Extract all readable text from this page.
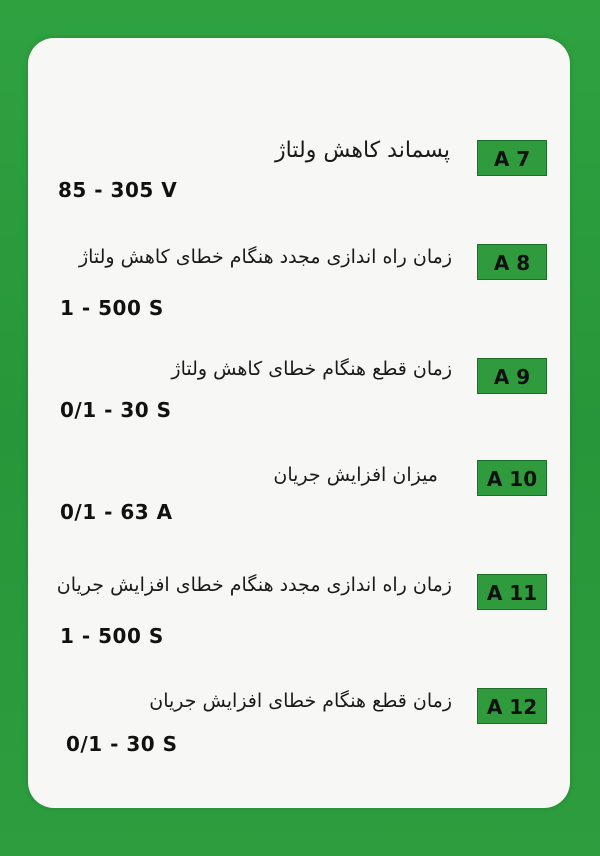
A 7
پسماند کاهش ولتاژ
85 - 305 V
A 8
زمان راه اندازی مجدد هنگام خطای کاهش ولتاژ
1 - 500 S
A 9
زمان قطع هنگام خطای کاهش ولتاژ
0/1 - 30 S
A 10
میزان افزایش جریان
0/1 - 63 A
A 11
زمان راه اندازی مجدد هنگام خطای افزایش جریان
1 - 500 S
A 12
زمان قطع هنگام خطای افزایش جریان
0/1 - 30 S
